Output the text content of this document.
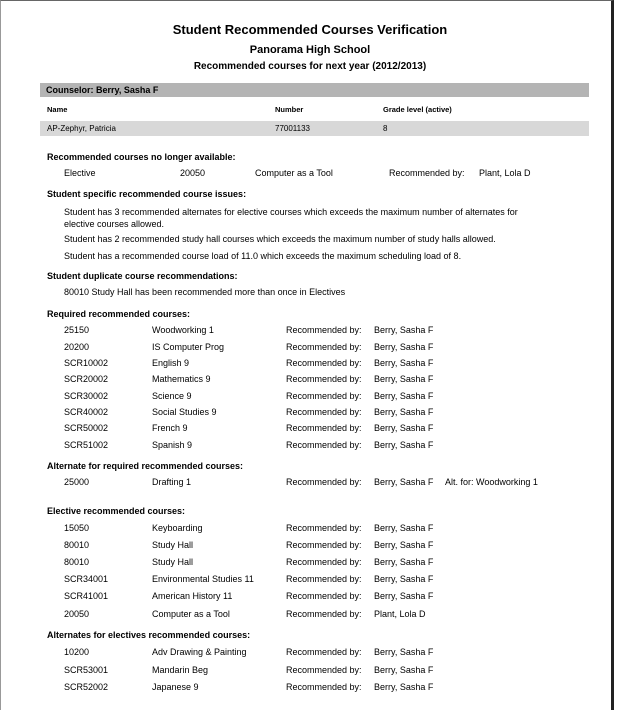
Student Recommended Courses Verification
Panorama High School
Recommended courses for next year (2012/2013)
Counselor: Berry, Sasha F
Name	Number	Grade level (active)
AP-Zephyr, Patricia	77001133	8
Recommended courses no longer available:
Elective	20050	Computer as a Tool	Recommended by: Plant, Lola D
Student specific recommended course issues:
Student has 3 recommended alternates for elective courses which exceeds the maximum number of alternates for elective courses allowed.
Student has 2 recommended study hall courses which exceeds the maximum number of study halls allowed.
Student has a recommended course load of 11.0 which exceeds the maximum scheduling load of 8.
Student duplicate course recommendations:
80010 Study Hall has been recommended more than once in Electives
Required recommended courses:
25150	Woodworking 1	Recommended by: Berry, Sasha F
20200	IS Computer Prog	Recommended by: Berry, Sasha F
SCR10002	English 9	Recommended by: Berry, Sasha F
SCR20002	Mathematics 9	Recommended by: Berry, Sasha F
SCR30002	Science 9	Recommended by: Berry, Sasha F
SCR40002	Social Studies 9	Recommended by: Berry, Sasha F
SCR50002	French 9	Recommended by: Berry, Sasha F
SCR51002	Spanish 9	Recommended by: Berry, Sasha F
Alternate for required recommended courses:
25000	Drafting 1	Recommended by: Berry, Sasha F Alt. for: Woodworking 1
Elective recommended courses:
15050	Keyboarding	Recommended by: Berry, Sasha F
80010	Study Hall	Recommended by: Berry, Sasha F
80010	Study Hall	Recommended by: Berry, Sasha F
SCR34001	Environmental Studies 11	Recommended by: Berry, Sasha F
SCR41001	American History 11	Recommended by: Berry, Sasha F
20050	Computer as a Tool	Recommended by: Plant, Lola D
Alternates for electives recommended courses:
10200	Adv Drawing & Painting	Recommended by: Berry, Sasha F
SCR53001	Mandarin Beg	Recommended by: Berry, Sasha F
SCR52002	Japanese 9	Recommended by: Berry, Sasha F
